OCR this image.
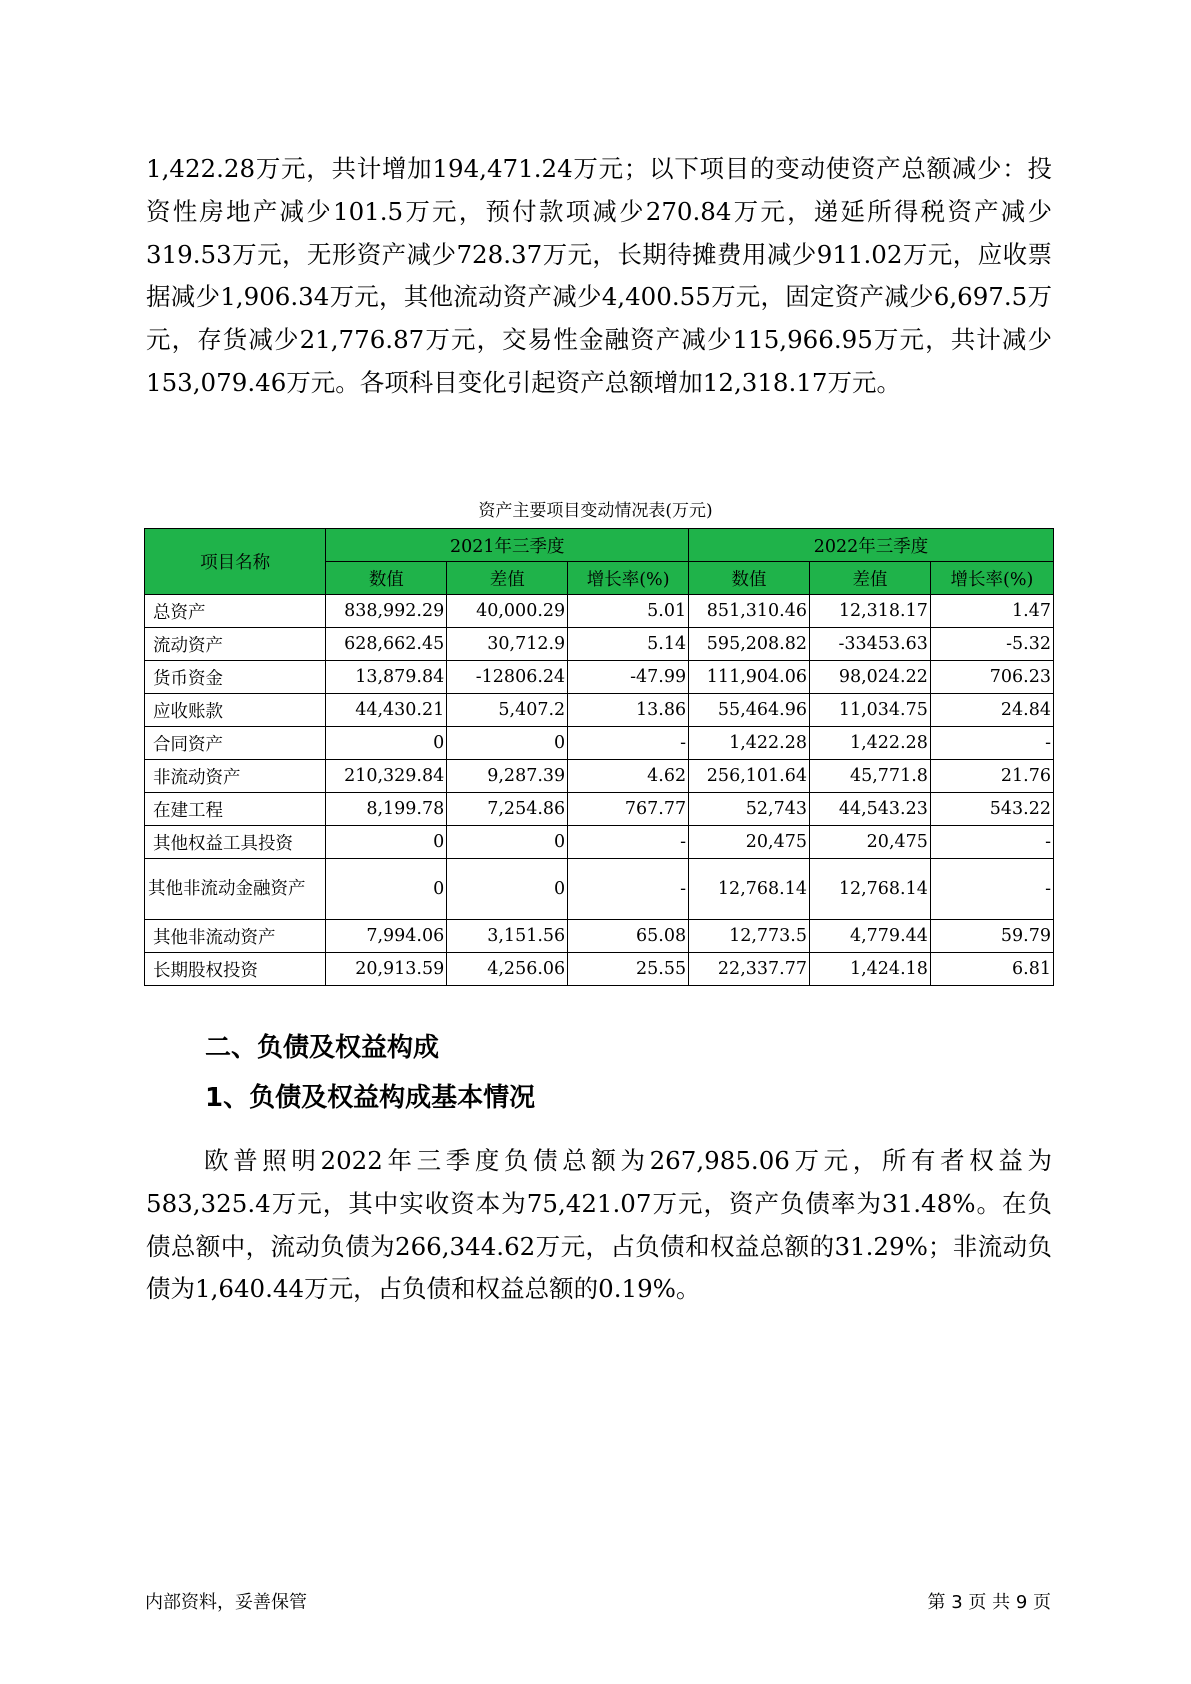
1,422.28万元，共计增加194,471.24万元；以下项目的变动使资产总额减少：投资性房地产减少101.5万元，预付款项减少270.84万元，递延所得税资产减少319.53万元，无形资产减少728.37万元，长期待摊费用减少911.02万元，应收票据减少1,906.34万元，其他流动资产减少4,400.55万元，固定资产减少6,697.5万元，存货减少21,776.87万元，交易性金融资产减少115,966.95万元，共计减少153,079.46万元。各项科目变化引起资产总额增加12,318.17万元。

资产主要项目变动情况表(万元)

项目名称	2021年三季度			2022年三季度		
	数值	差值	增长率(%)	数值	差值	增长率(%)
总资产	838,992.29	40,000.29	5.01	851,310.46	12,318.17	1.47
流动资产	628,662.45	30,712.9	5.14	595,208.82	-33453.63	-5.32
货币资金	13,879.84	-12806.24	-47.99	111,904.06	98,024.22	706.23
应收账款	44,430.21	5,407.2	13.86	55,464.96	11,034.75	24.84
合同资产	0	0	-	1,422.28	1,422.28	-
非流动资产	210,329.84	9,287.39	4.62	256,101.64	45,771.8	21.76
在建工程	8,199.78	7,254.86	767.77	52,743	44,543.23	543.22
其他权益工具投资	0	0	-	20,475	20,475	-
其他非流动金融资产	0	0	-	12,768.14	12,768.14	-
其他非流动资产	7,994.06	3,151.56	65.08	12,773.5	4,779.44	59.79
长期股权投资	20,913.59	4,256.06	25.55	22,337.77	1,424.18	6.81

二、负债及权益构成

1、负债及权益构成基本情况

欧普照明2022年三季度负债总额为267,985.06万元，所有者权益为583,325.4万元，其中实收资本为75,421.07万元，资产负债率为31.48%。在负债总额中，流动负债为266,344.62万元，占负债和权益总额的31.29%；非流动负债为1,640.44万元，占负债和权益总额的0.19%。

内部资料，妥善保管	第 3 页 共 9 页
